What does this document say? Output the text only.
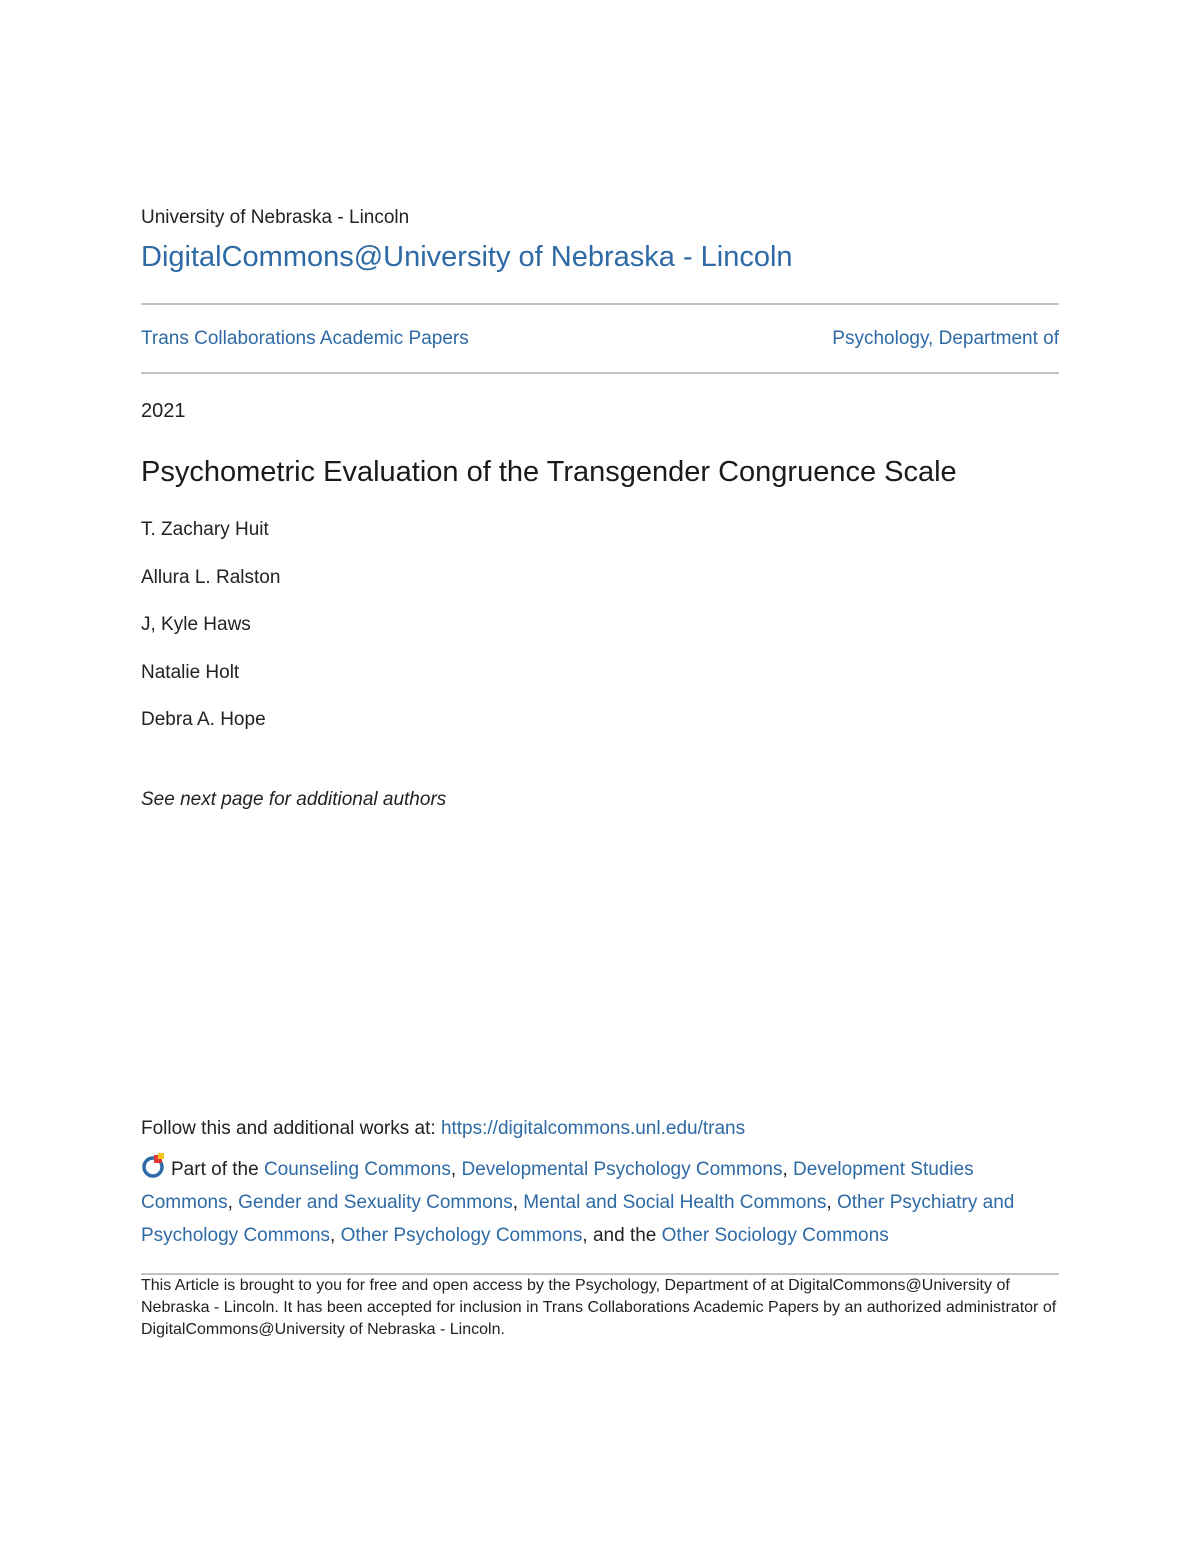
University of Nebraska - Lincoln
DigitalCommons@University of Nebraska - Lincoln
Trans Collaborations Academic Papers	Psychology, Department of
2021
Psychometric Evaluation of the Transgender Congruence Scale
T. Zachary Huit
Allura L. Ralston
J, Kyle Haws
Natalie Holt
Debra A. Hope
See next page for additional authors
Follow this and additional works at: https://digitalcommons.unl.edu/trans
Part of the Counseling Commons, Developmental Psychology Commons, Development Studies Commons, Gender and Sexuality Commons, Mental and Social Health Commons, Other Psychiatry and Psychology Commons, Other Psychology Commons, and the Other Sociology Commons
This Article is brought to you for free and open access by the Psychology, Department of at DigitalCommons@University of Nebraska - Lincoln. It has been accepted for inclusion in Trans Collaborations Academic Papers by an authorized administrator of DigitalCommons@University of Nebraska - Lincoln.
